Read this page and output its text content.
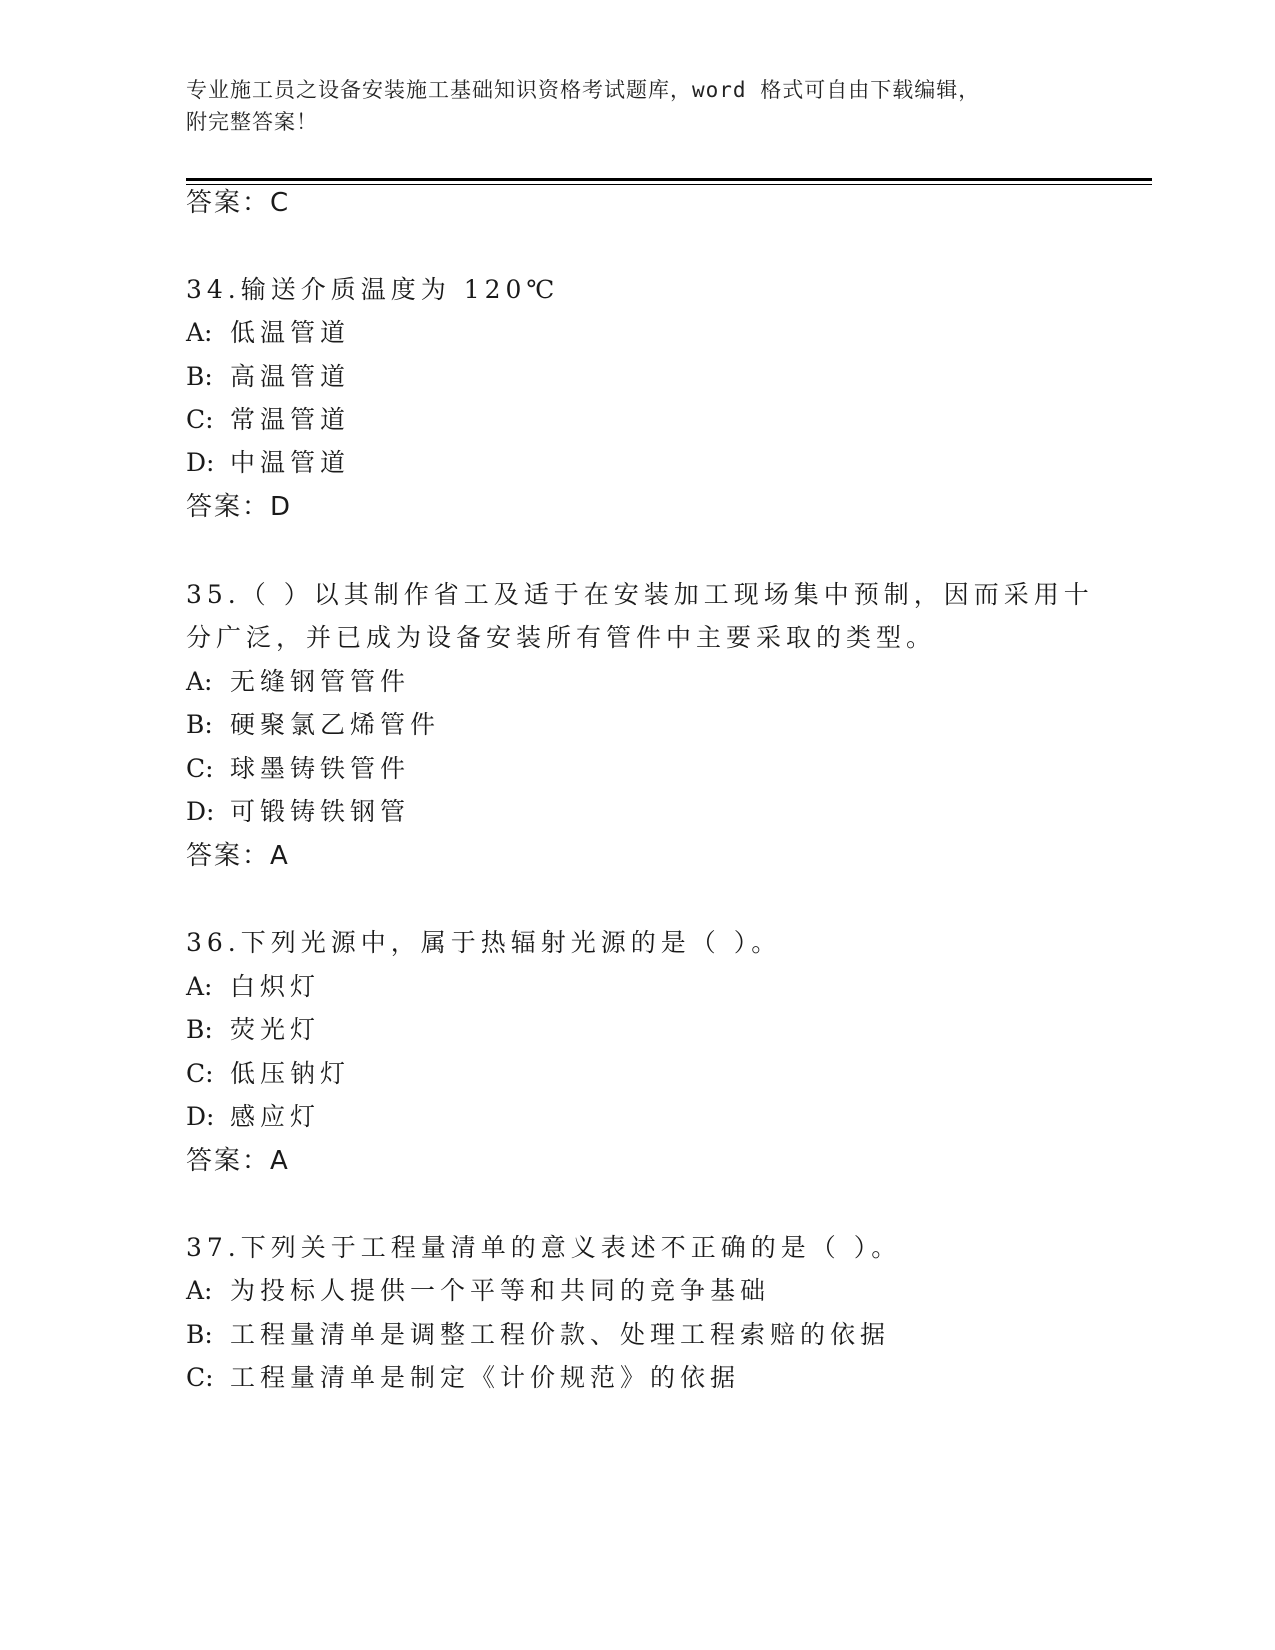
专业施工员之设备安装施工基础知识资格考试题库，word 格式可自由下载编辑，
附完整答案！
答案：C
34.输送介质温度为 120℃
A: 低温管道
B: 高温管道
C: 常温管道
D: 中温管道
答案：D
35.（ ）以其制作省工及适于在安装加工现场集中预制，因而采用十
分广泛，并已成为设备安装所有管件中主要采取的类型。
A: 无缝钢管管件
B: 硬聚氯乙烯管件
C: 球墨铸铁管件
D: 可锻铸铁钢管
答案：A
36.下列光源中，属于热辐射光源的是（ ）。
A: 白炽灯
B: 荧光灯
C: 低压钠灯
D: 感应灯
答案：A
37.下列关于工程量清单的意义表述不正确的是（ ）。
A: 为投标人提供一个平等和共同的竞争基础
B: 工程量清单是调整工程价款、处理工程索赔的依据
C: 工程量清单是制定《计价规范》的依据
